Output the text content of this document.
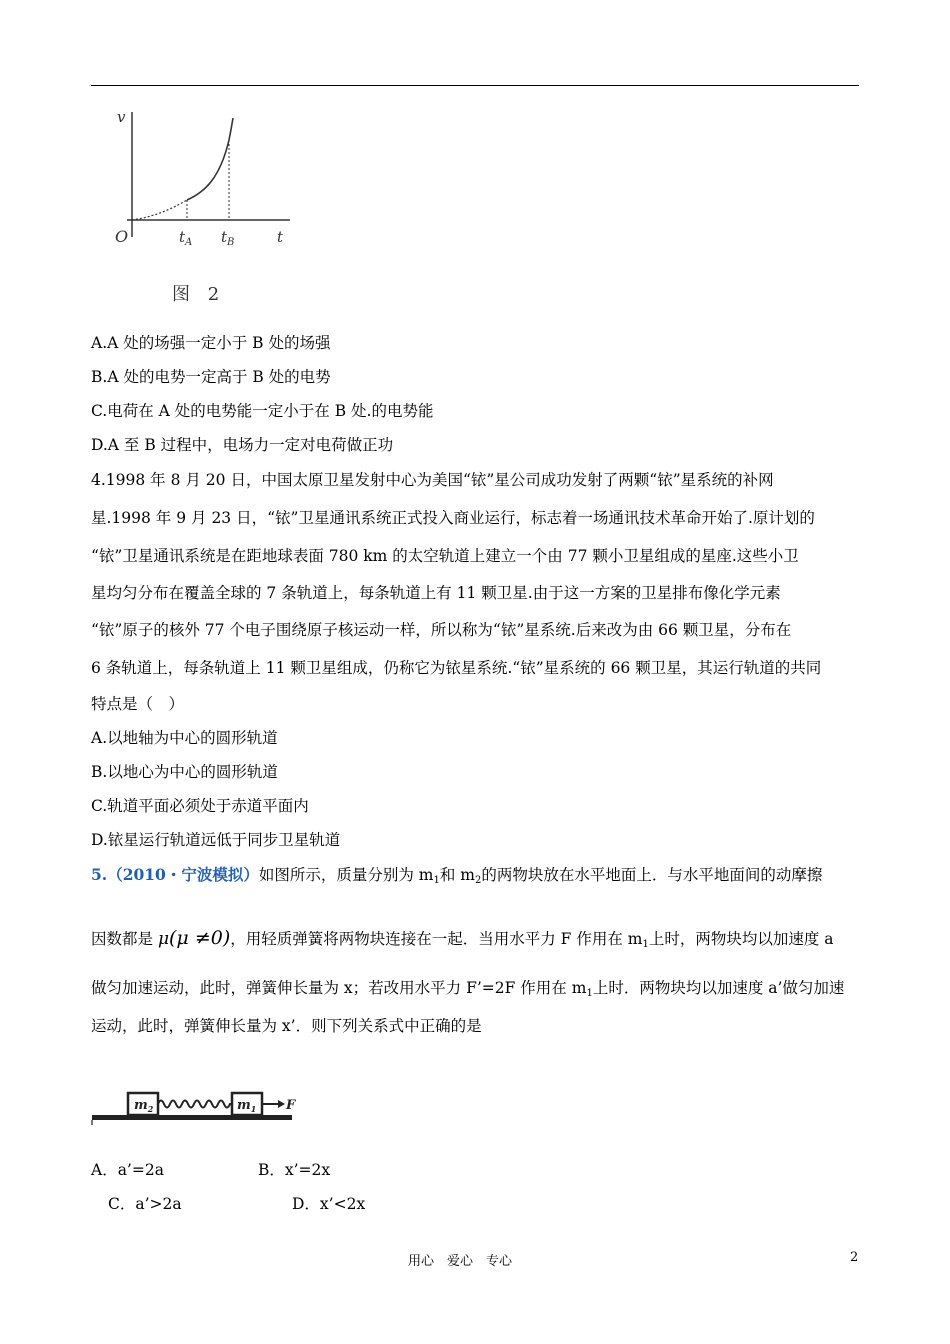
v
O	$t_A$ $t_B$	t
图 2
A.A 处的场强一定小于 B 处的场强
B.A 处的电势一定高于 B 处的电势
C.电荷在 A 处的电势能一定小于在 B 处.的电势能
D.A 至 B 过程中，电场力一定对电荷做正功
4.1998 年 8 月 20 日，中国太原卫星发射中心为美国“铱”星公司成功发射了两颗“铱”星系统的补网
星.1998 年 9 月 23 日，“铱”卫星通讯系统正式投入商业运行，标志着一场通讯技术革命开始了.原计划的
“铱”卫星通讯系统是在距地球表面 780 km 的太空轨道上建立一个由 77 颗小卫星组成的星座.这些小卫
星均匀分布在覆盖全球的 7 条轨道上，每条轨道上有 11 颗卫星.由于这一方案的卫星排布像化学元素
“铱”原子的核外 77 个电子围绕原子核运动一样，所以称为“铱”星系统.后来改为由 66 颗卫星，分布在
6 条轨道上，每条轨道上 11 颗卫星组成，仍称它为铱星系统.“铱”星系统的 66 颗卫星，其运行轨道的共同
特点是（　）
A.以地轴为中心的圆形轨道
B.以地心为中心的圆形轨道
C.轨道平面必须处于赤道平面内
D.铱星运行轨道远低于同步卫星轨道
5.（2010・宁波模拟）如图所示，质量分别为 $m_1$和 $m_2$的两物块放在水平地面上．与水平地面间的动摩擦
因数都是 μ(μ ≠0)，用轻质弹簧将两物块连接在一起．当用水平力 F 作用在 $m_1$上时，两物块均以加速度 a
做匀加速运动，此时，弹簧伸长量为 x；若改用水平力 F’=2F 作用在 $m_1$上时．两物块均以加速度 a’做匀加速
运动，此时，弹簧伸长量为 x’．则下列关系式中正确的是
$m_2$	$m_1$ F
A．a’=2a	B．x’=2x
C．a’>2a	D．x’<2x
用心　爱心　专心	2
